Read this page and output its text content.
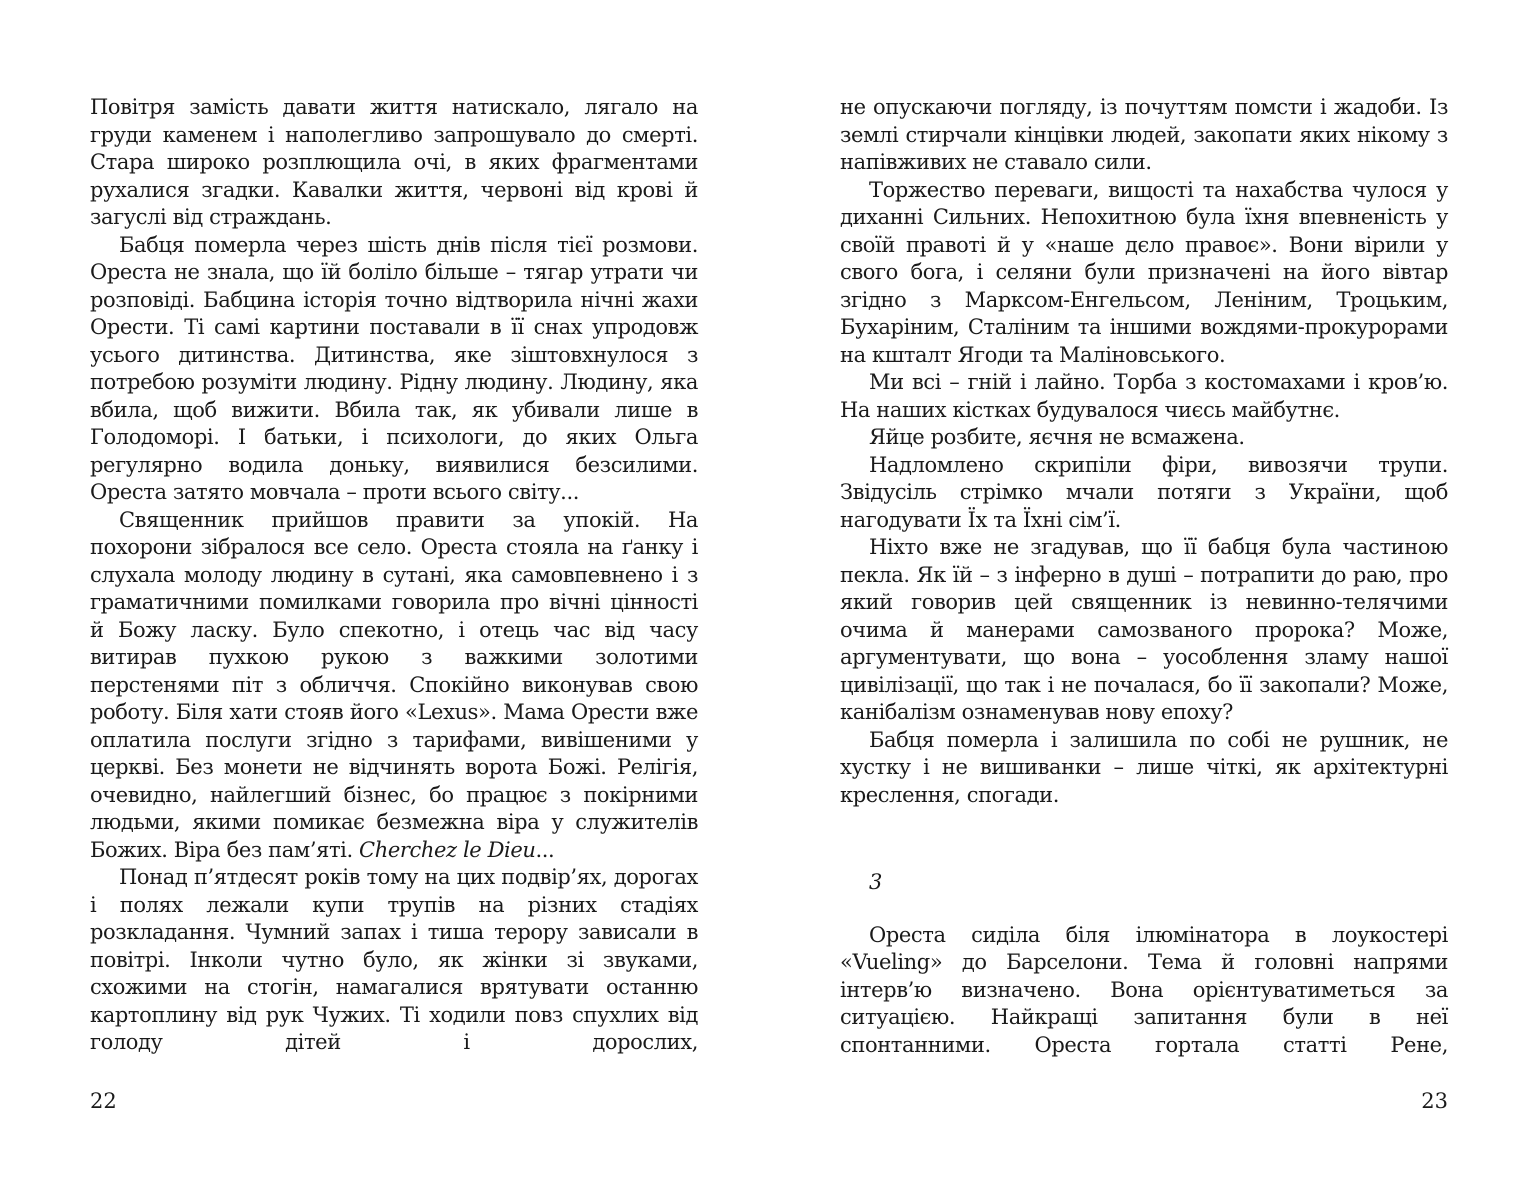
Повітря замість давати життя натискало, лягало на груди каменем і наполегливо запрошувало до смерті. Стара широко розплющила очі, в яких фрагментами рухалися згадки. Кавалки життя, червоні від крові й загуслі від страждань.

Бабця померла через шість днів після тієї розмови. Ореста не знала, що їй боліло більше – тягар утрати чи розповіді. Бабцина історія точно відтворила нічні жахи Орести. Ті самі картини поставали в її снах упродовж усього дитинства. Дитинства, яке зіштовхнулося з потребою розуміти людину. Рідну людину. Людину, яка вбила, щоб вижити. Вбила так, як убивали лише в Голодоморі. І батьки, і психологи, до яких Ольга регулярно водила доньку, виявилися безсилими. Ореста затято мовчала – проти всього світу...

Священник прийшов правити за упокій. На похорони зібралося все село. Ореста стояла на ґанку і слухала молоду людину в сутані, яка самовпевнено і з граматичними помилками говорила про вічні цінності й Божу ласку. Було спекотно, і отець час від часу витирав пухкою рукою з важкими золотими перстенями піт з обличчя. Спокійно виконував свою роботу. Біля хати стояв його «Lexus». Мама Орести вже оплатила послуги згідно з тарифами, вивішеними у церкві. Без монети не відчинять ворота Божі. Релігія, очевидно, найлегший бізнес, бо працює з покірними людьми, якими помикає безмежна віра у служителів Божих. Віра без пам’яті. Cherchez le Dieu...

Понад п’ятдесят років тому на цих подвір’ях, дорогах і полях лежали купи трупів на різних стадіях розкладання. Чумний запах і тиша терору зависали в повітрі. Інколи чутно було, як жінки зі звуками, схожими на стогін, намагалися врятувати останню картоплину від рук Чужих. Ті ходили повз спухлих від голоду дітей і дорослих,

22

не опускаючи погляду, із почуттям помсти і жадоби. Із землі стирчали кінцівки людей, закопати яких нікому з напівживих не ставало сили.

Торжество переваги, вищості та нахабства чулося у диханні Сильних. Непохитною була їхня впевненість у своїй правоті й у «наше дєло правоє». Вони вірили у свого бога, і селяни були призначені на його вівтар згідно з Марксом-Енгельсом, Леніним, Троцьким, Бухаріним, Сталіним та іншими вождями-прокурорами на кшталт Ягоди та Маліновського.

Ми всі – гній і лайно. Торба з костомахами і кров’ю. На наших кістках будувалося чиєсь майбутнє.

Яйце розбите, яєчня не всмажена.

Надломлено скрипіли фіри, вивозячи трупи. Звідусіль стрімко мчали потяги з України, щоб нагодувати Їх та Їхні сім’ї.

Ніхто вже не згадував, що її бабця була частиною пекла. Як їй – з інферно в душі – потрапити до раю, про який говорив цей священник із невинно-телячими очима й манерами самозваного пророка? Може, аргументувати, що вона – уособлення зламу нашої цивілізації, що так і не почалася, бо її закопали? Може, канібалізм ознаменував нову епоху?

Бабця померла і залишила по собі не рушник, не хустку і не вишиванки – лише чіткі, як архітектурні креслення, спогади.

3

Ореста сиділа біля ілюмінатора в лоукостері «Vueling» до Барселони. Тема й головні напрями інтерв’ю визначено. Вона орієнтуватиметься за ситуацією. Найкращі запитання були в неї спонтанними. Ореста гортала статті Рене,

23
